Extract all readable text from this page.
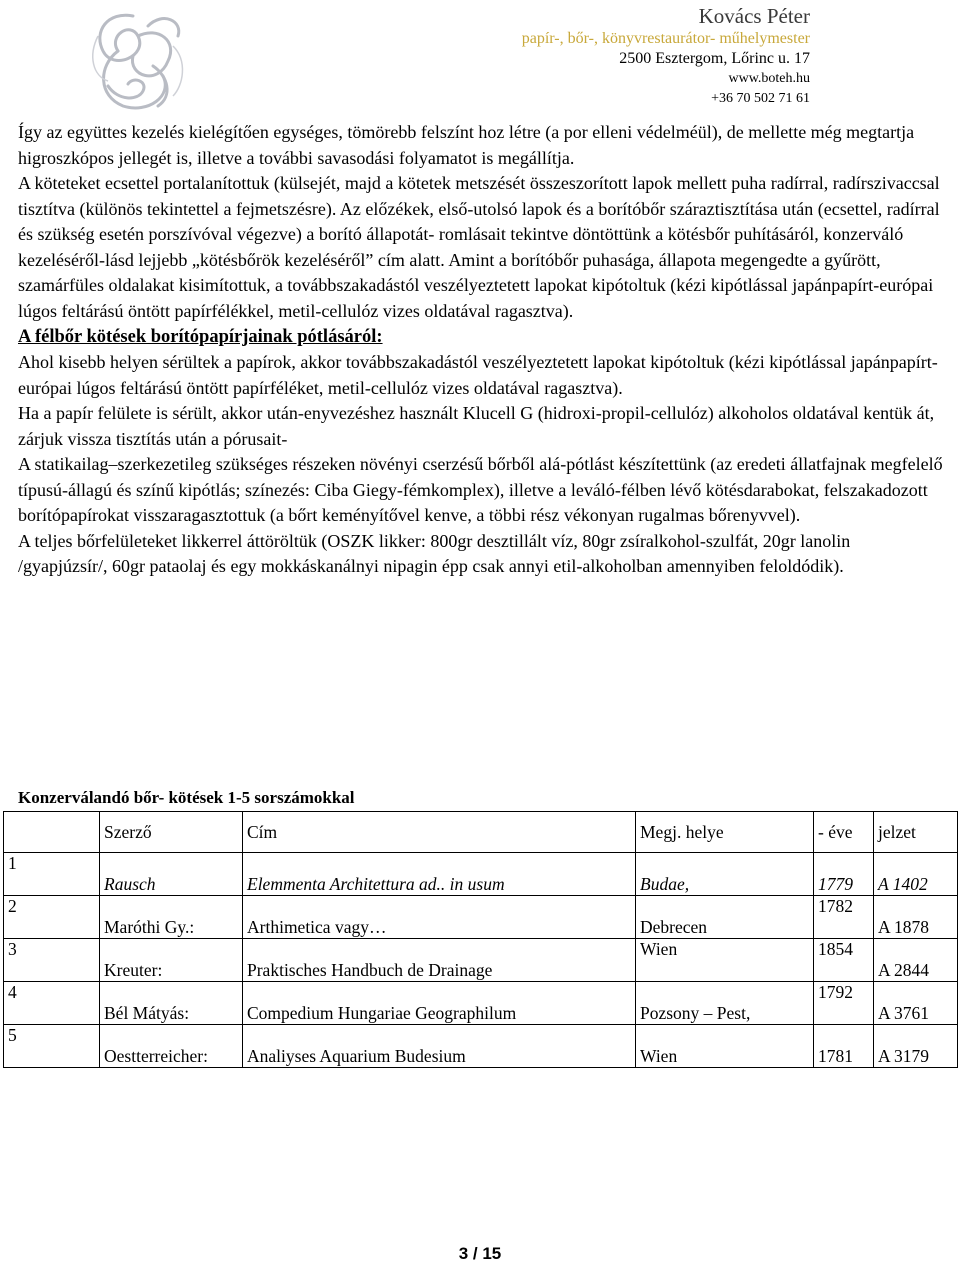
Kovács Péter
papír-, bőr-, könyvrestaurátor- műhelymester
2500 Esztergom, Lőrinc u. 17
www.boteh.hu
+36 70 502 71 61

Így az együttes kezelés kielégítően egységes, tömörebb felszínt hoz létre (a por elleni védelméül), de mellette még megtartja higroszkópos jellegét is, illetve a további savasodási folyamatot is megállítja.

A köteteket ecsettel portalanítottuk (külsejét, majd a kötetek metszését összeszorított lapok mellett puha radírral, radírszivaccsal tisztítva (különös tekintettel a fejmetszésre). Az előzékek, első-utolsó lapok és a borítóbőr száraztisztítása után (ecsettel, radírral és szükség esetén porszívóval végezve) a borító állapotát- romlásait tekintve döntöttünk a kötésbőr puhításáról, konzerváló kezeléséről-lásd lejjebb „kötésbőrök kezeléséről” cím alatt. Amint a borítóbőr puhasága, állapota megengedte a gyűrött, szamárfüles oldalakat kisimítottuk, a továbbszakadástól veszélyeztetett lapokat kipótoltuk (kézi kipótlással japánpapírt-európai lúgos feltárású öntött papírfélékkel, metil-cellulóz vizes oldatával ragasztva).

A félbőr kötések borítópapírjainak pótlásáról:

Ahol kisebb helyen sérültek a papírok, akkor továbbszakadástól veszélyeztetett lapokat kipótoltuk (kézi kipótlással japánpapírt-európai lúgos feltárású öntött papírféléket, metil-cellulóz vizes oldatával ragasztva).

Ha a papír felülete is sérült, akkor után-enyvezéshez használt Klucell G (hidroxi-propil-cellulóz) alkoholos oldatával kentük át, zárjuk vissza tisztítás után a pórusait-

A statikailag–szerkezetileg szükséges részeken növényi cserzésű bőrből alá-pótlást készítettünk (az eredeti állatfajnak megfelelő típusú-állagú és színű kipótlás; színezés: Ciba Giegy-fémkomplex), illetve a leváló-félben lévő kötésdarabokat, felszakadozott borítópapírokat visszaragasztottuk (a bőrt keményítővel kenve, a többi rész vékonyan rugalmas bőrenyvvel).

A teljes bőrfelületeket likkerrel áttöröltük (OSZK likker: 800gr desztillált víz, 80gr zsíralkohol-szulfát, 20gr lanolin /gyapjúzsír/, 60gr pataolaj és egy mokkáskanálnyi nipagin épp csak annyi etil-alkoholban amennyiben feloldódik).

Konzerválandó bőr- kötések 1-5 sorszámokkal
	Szerző	Cím	Megj. helye	- éve	jelzet
1	Rausch	Elemmenta Architettura ad.. in usum	Budae,	1779	A 1402

2	Maróthi Gy.:	Arthimetica vagy…	Debrecen	1782	A 1878

3	Kreuter:	Praktisches Handbuch de Drainage	Wien	1854	A 2844

4	Bél Mátyás:	Compedium Hungariae Geographilum	Pozsony – Pest,	1792	A 3761

5	Oestterreicher:	Analiyses Aquarium Budesium	Wien	1781	A 3179
3 / 15
